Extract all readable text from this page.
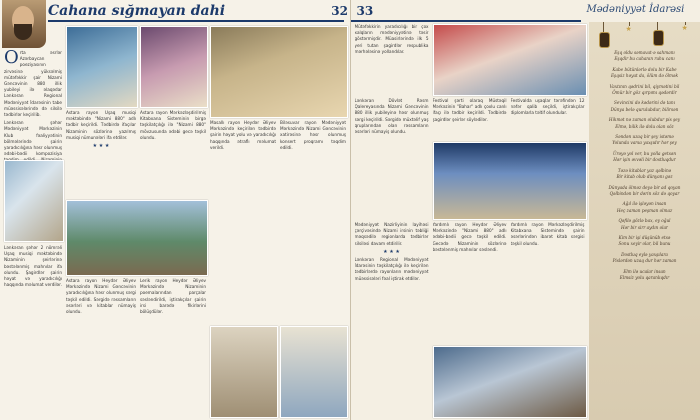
Cahana sığmayan dahi	32

O rta əsrlər Azərbaycan poeziyasının zirvəsinə yüksəlmiş mütəfəkkir şair Nizami Gəncəvinin 880 illik yubileyi ilə əlaqədar Lənkəran Regional Mədəniyyət İdarəsinin tabe müəssisələrində də silsilə tədbirlər keçirilib.

Lənkəran şəhər Mədəniyyət Mərkəzinin Klub fəaliyyətinin bölmələrində şairin yaradıcılığına həsr olunmuş ədəbi-bədii kompozisiya

Lənkəran şəhər 2 nömrəli Uşaq musiqi məktəbində Nizaminin şeirlərinə bəstələnmiş mahnılar ifa olundu. Şagirdlər şairin həyat və yaradıcılığı haqqında məlumat verdilər.

Astara rayon Uşaq musiqi məktəbində "Nizami 880" adlı tədbir keçirildi. Tədbirdə ifaçılar Nizaminin sözlərinə yazılmış musiqi nümunələri ifa etdilər.

★ ★ ★

Astara rayon Heydər Əliyev Mərkəzində Nizami Gəncəvinin yaradıcılığına həsr olunmuş sərgi təşkil edildi. Sərgidə rəssamların əsərləri və kitablar nümayiş olundu.

Astara rayon Mərkəzləşdirilmiş Kitabxana Sisteminin birgə təşkilatçılığı ilə "Nizami 880" mövzusunda ədəbi gecə təşkil olundu.

Lerik rayon Heydər Əliyev Mərkəzində Nizaminin poemalarından parçalar səsləndirildi, iştirakçılar şairin irsi barədə fikirlərini bölüşdülər.

Masallı rayon Heydər Əliyev Mərkəzində keçirilən tədbirdə şairin həyat yolu və yaradıcılığı haqqında ətraflı məlumat verildi.

Biləsuvar rayon Mədəniyyət Mərkəzində Nizami Gəncəvinin xatirəsinə həsr olunmuş konsert proqramı təqdim edildi.

33	Mədəniyyət İdarəsi

Mütəfəkkirin yaradıcılığı bir çox xalqların mədəniyyətinə təsir göstərmişdir. Müasirlərində ilk 5 yeri tutan şagirdlər respublika mərhələsinə yollandılar.

Lənkəran Dövlət Rəsm Qalereyasında Nizami Gəncəvinin 880 illik yubileyinə həsr olunmuş sərgi keçirildi. Sərgidə müxtəlif yaş qruplarından olan rəssamların əsərləri nümayiş olundu.

Festival şərti olaraq Müstəqil Mərkəzinin "Bahar" adlı çoxlu canlı ifaçı ilə tədbir keçirildi. Tədbirdə şagirdlər şeirlər söylədilər.

Festivalda uşaqlar tərəfindən 12 nəfər qalib seçildi, iştirakçılar diplomlarla təltif olundular.

Mədəniyyət Nazirliyinin layihəsi çərçivəsində Nizami irsinin təbliği məqsədilə regionlarda tədbirlər silsiləsi davam etdirilir.

★ ★ ★

Lənkəran Regional Mədəniyyət İdarəsinin təşkilatçılığı ilə keçirilən tədbirlərdə rayonların mədəniyyət müəssisələri fəal iştirak etdilər.

Yardımlı rayon Heydər Əliyev Mərkəzində "Nizami 880" adlı ədəbi-bədii gecə təşkil edildi. Gecədə Nizaminin sözlərinə bəstələnmiş mahnılar səsləndi.

Yardımlı rayon Mərkəzləşdirilmiş Kitabxana Sistemində şairin əsərlərindən ibarət kitab sərgisi təşkil olundu.

★	★
Eşq oldu səmavat-ə sahmanı
Eşqdir bu cahanın ruhu canı
Kabe bütünlərlə dolu bir Kabe
Eşqsiz həyat da, ölüm də ölmək
Vaxtının qədrini bil, qiymətini bil
Ömür bir göz qırpımı qədərdir
Sevincini də kədərini də tanı
Dünya belə qurulubdur, bilirsən
Hikmət nə zaman olubdur pis şey
Elmə, bilik ilə dolu olan söz
Səndən uzaq bir şey istəmə
Yolunda varsa yaxşıdır hər şey
Ürəyə yol ver, bu yolla getsən
Hər işin əvvəli bir dostluqdur
Təzə kitablar yaz qəlbinə
Bir kitab olub dünyanı gəz
Dünyada ölməz deyə bir ad qoyan
Qəlbindən bir dərin söz də qoyar
Ağıl ilə işləyən insan
Heç zaman peşman olmaz
Qəfilə gözlə bax, ey oğul
Hər bir sirr aydın olar
Kim bir işi düşünüb etsə
Sonu xeyir olar, bil bunu
Dostluq eylə yaxşılara
Pislərdən uzaq dur hər zaman
Elm ilə ucalar insan
Elmsiz yolu qaranlıqdır
